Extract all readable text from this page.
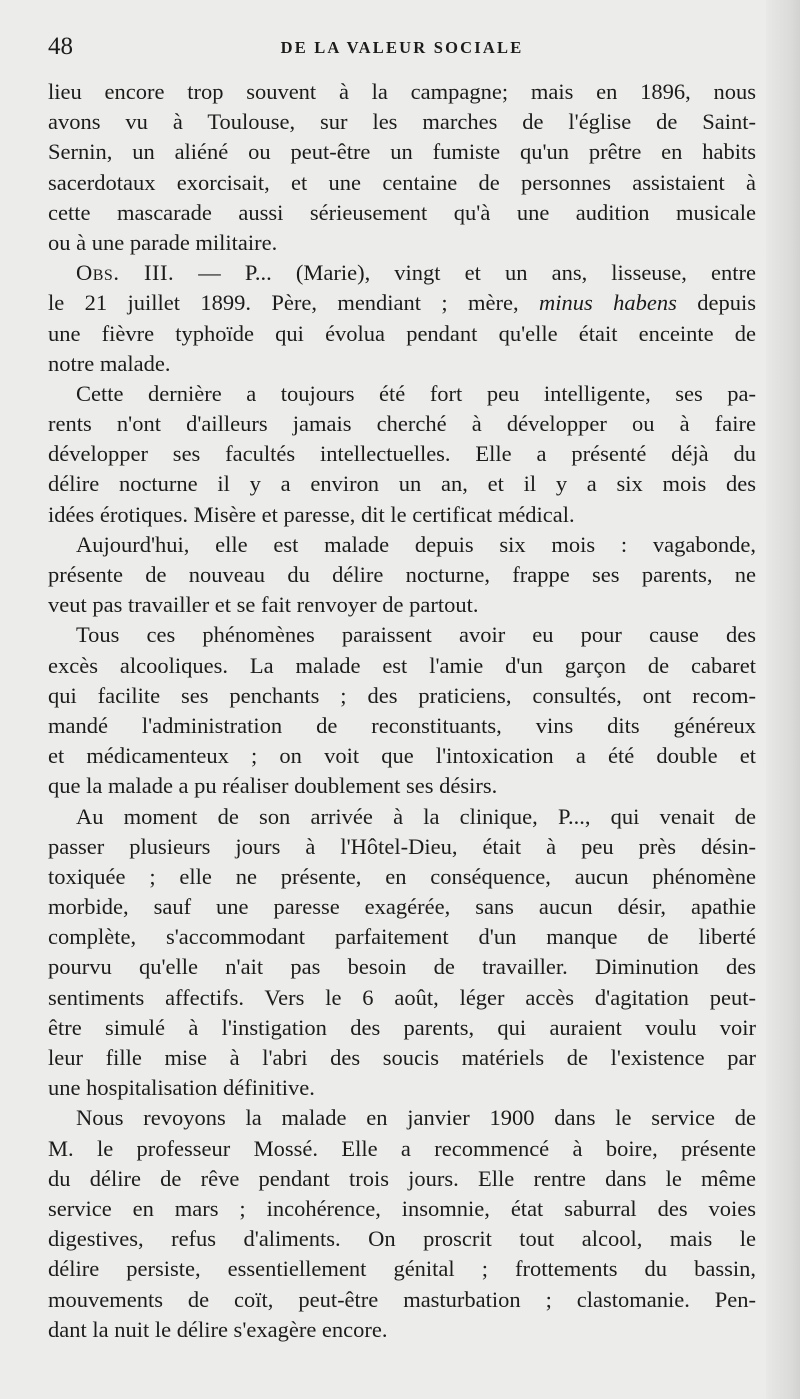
48	DE LA VALEUR SOCIALE
lieu encore trop souvent à la campagne; mais en 1896, nous
avons vu à Toulouse, sur les marches de l'église de Saint-
Sernin, un aliéné ou peut-être un fumiste qu'un prêtre en habits
sacerdotaux exorcisait, et une centaine de personnes assistaient à
cette mascarade aussi sérieusement qu'à une audition musicale
ou à une parade militaire.
Obs. III. — P... (Marie), vingt et un ans, lisseuse, entre
le 21 juillet 1899. Père, mendiant ; mère, minus habens depuis
une fièvre typhoïde qui évolua pendant qu'elle était enceinte de
notre malade.
Cette dernière a toujours été fort peu intelligente, ses pa-
rents n'ont d'ailleurs jamais cherché à développer ou à faire
développer ses facultés intellectuelles. Elle a présenté déjà du
délire nocturne il y a environ un an, et il y a six mois des
idées érotiques. Misère et paresse, dit le certificat médical.
Aujourd'hui, elle est malade depuis six mois : vagabonde,
présente de nouveau du délire nocturne, frappe ses parents, ne
veut pas travailler et se fait renvoyer de partout.
Tous ces phénomènes paraissent avoir eu pour cause des
excès alcooliques. La malade est l'amie d'un garçon de cabaret
qui facilite ses penchants ; des praticiens, consultés, ont recom-
mandé l'administration de reconstituants, vins dits généreux
et médicamenteux ; on voit que l'intoxication a été double et
que la malade a pu réaliser doublement ses désirs.
Au moment de son arrivée à la clinique, P..., qui venait de
passer plusieurs jours à l'Hôtel-Dieu, était à peu près désin-
toxiquée ; elle ne présente, en conséquence, aucun phénomène
morbide, sauf une paresse exagérée, sans aucun désir, apathie
complète, s'accommodant parfaitement d'un manque de liberté
pourvu qu'elle n'ait pas besoin de travailler. Diminution des
sentiments affectifs. Vers le 6 août, léger accès d'agitation peut-
être simulé à l'instigation des parents, qui auraient voulu voir
leur fille mise à l'abri des soucis matériels de l'existence par
une hospitalisation définitive.
Nous revoyons la malade en janvier 1900 dans le service de
M. le professeur Mossé. Elle a recommencé à boire, présente
du délire de rêve pendant trois jours. Elle rentre dans le même
service en mars ; incohérence, insomnie, état saburral des voies
digestives, refus d'aliments. On proscrit tout alcool, mais le
délire persiste, essentiellement génital ; frottements du bassin,
mouvements de coït, peut-être masturbation ; clastomanie. Pen-
dant la nuit le délire s'exagère encore.
